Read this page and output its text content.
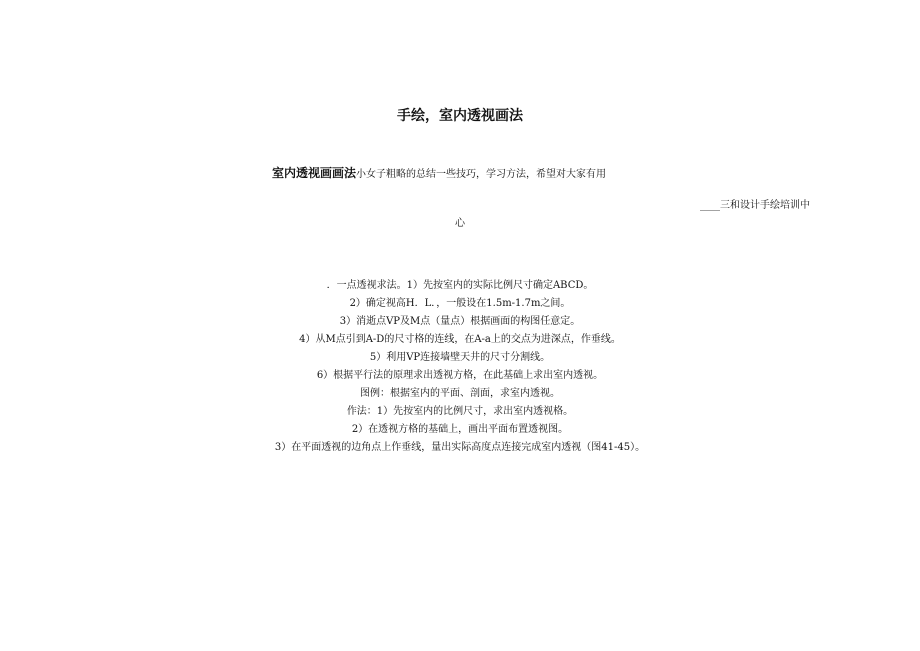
手绘，室内透视画法
室内透视画画法小女子粗略的总结一些技巧，学习方法，希望对大家有用
____三和设计手绘培训中
心
．一点透视求法。1）先按室内的实际比例尺寸确定ABCD。
2）确定视高H．L．，一般设在1.5m-1.7m之间。
3）消逝点VP及M点（量点）根据画面的构图任意定。
4）从M点引到A-D的尺寸格的连线，在A-a上的交点为进深点，作垂线。
5）利用VP连接墙壁天井的尺寸分割线。
6）根据平行法的原理求出透视方格，在此基础上求出室内透视。
图例：根据室内的平面、剖面，求室内透视。
作法：1）先按室内的比例尺寸，求出室内透视格。
2）在透视方格的基础上，画出平面布置透视图。
3）在平面透视的边角点上作垂线，量出实际高度点连接完成室内透视（图41-45）。
